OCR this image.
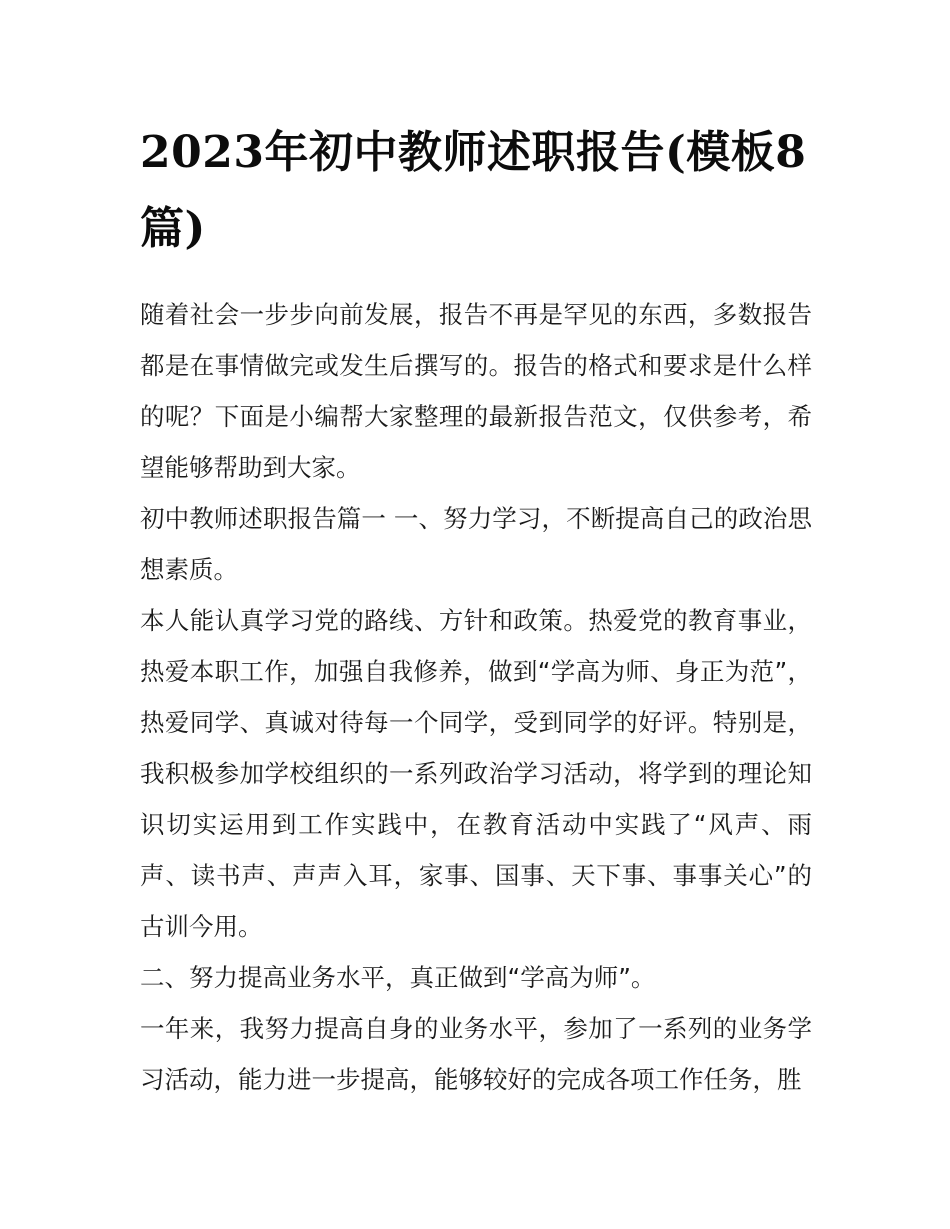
2023年初中教师述职报告(模板8篇)

随着社会一步步向前发展，报告不再是罕见的东西，多数报告都是在事情做完或发生后撰写的。报告的格式和要求是什么样的呢？下面是小编帮大家整理的最新报告范文，仅供参考，希望能够帮助到大家。

初中教师述职报告篇一 一、努力学习，不断提高自己的政治思想素质。

本人能认真学习党的路线、方针和政策。热爱党的教育事业，热爱本职工作，加强自我修养，做到“学高为师、身正为范”，热爱同学、真诚对待每一个同学，受到同学的好评。特别是，我积极参加学校组织的一系列政治学习活动，将学到的理论知识切实运用到工作实践中，在教育活动中实践了“风声、雨声、读书声、声声入耳，家事、国事、天下事、事事关心”的古训今用。

二、努力提高业务水平，真正做到“学高为师”。

一年来，我努力提高自身的业务水平，参加了一系列的业务学习活动，能力进一步提高，能够较好的完成各项工作任务，胜
